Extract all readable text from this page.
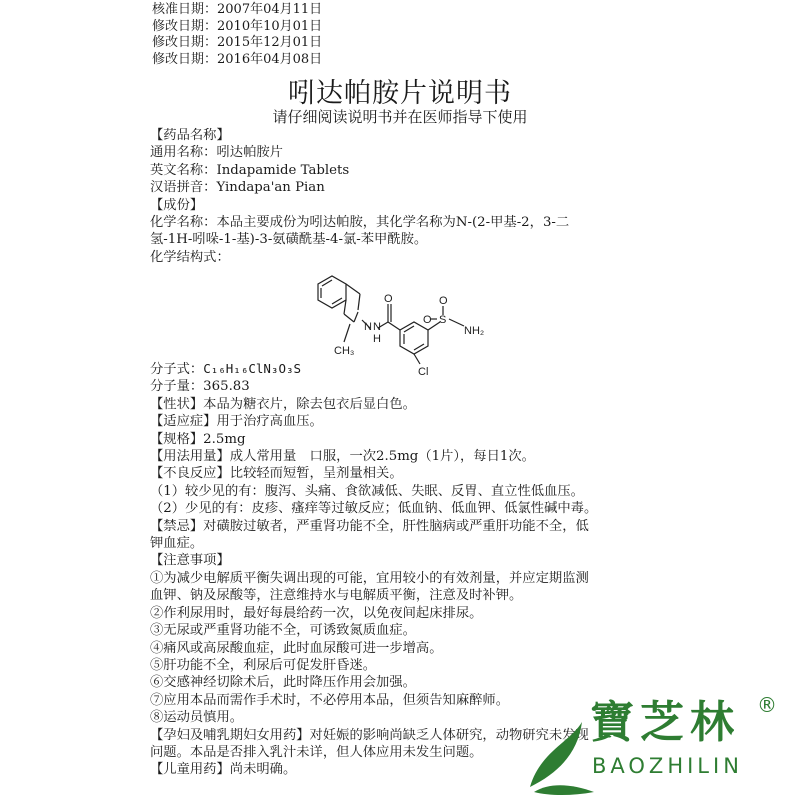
核准日期：2007年04月11日
修改日期：2010年10月01日
修改日期：2015年12月01日
修改日期：2016年04月08日
吲达帕胺片说明书
请仔细阅读说明书并在医师指导下使用
【药品名称】
通用名称：吲达帕胺片
英文名称：Indapamide Tablets
汉语拼音：Yindapa'an Pian
【成份】
化学名称：本品主要成份为吲达帕胺，其化学名称为N-(2-甲基-2，3-二
氢-1H-吲哚-1-基)-3-氨磺酰基-4-氯-苯甲酰胺。
化学结构式：
N N
H
CH₃
O
S
O
O
NH₂
Cl
分子式：C₁₆H₁₆ClN₃O₃S
分子量：365.83
【性状】本品为糖衣片，除去包衣后显白色。
【适应症】用于治疗高血压。
【规格】2.5mg
【用法用量】成人常用量　口服，一次2.5mg（1片），每日1次。
【不良反应】比较轻而短暂，呈剂量相关。
（1）较少见的有：腹泻、头痛、食欲减低、失眠、反胃、直立性低血压。
（2）少见的有：皮疹、瘙痒等过敏反应；低血钠、低血钾、低氯性碱中毒。
【禁忌】对磺胺过敏者，严重肾功能不全，肝性脑病或严重肝功能不全，低
钾血症。
【注意事项】
①为减少电解质平衡失调出现的可能，宜用较小的有效剂量，并应定期监测
血钾、钠及尿酸等，注意维持水与电解质平衡，注意及时补钾。
②作利尿用时，最好每晨给药一次，以免夜间起床排尿。
③无尿或严重肾功能不全，可诱致氮质血症。
④痛风或高尿酸血症，此时血尿酸可进一步增高。
⑤肝功能不全，利尿后可促发肝昏迷。
⑥交感神经切除术后，此时降压作用会加强。
⑦应用本品而需作手术时，不必停用本品，但须告知麻醉师。
⑧运动员慎用。
【孕妇及哺乳期妇女用药】对妊娠的影响尚缺乏人体研究，动物研究未发现
问题。本品是否排入乳汁未详，但人体应用未发生问题。
【儿童用药】尚未明确。
寶芝林 ®
BAOZHILIN
